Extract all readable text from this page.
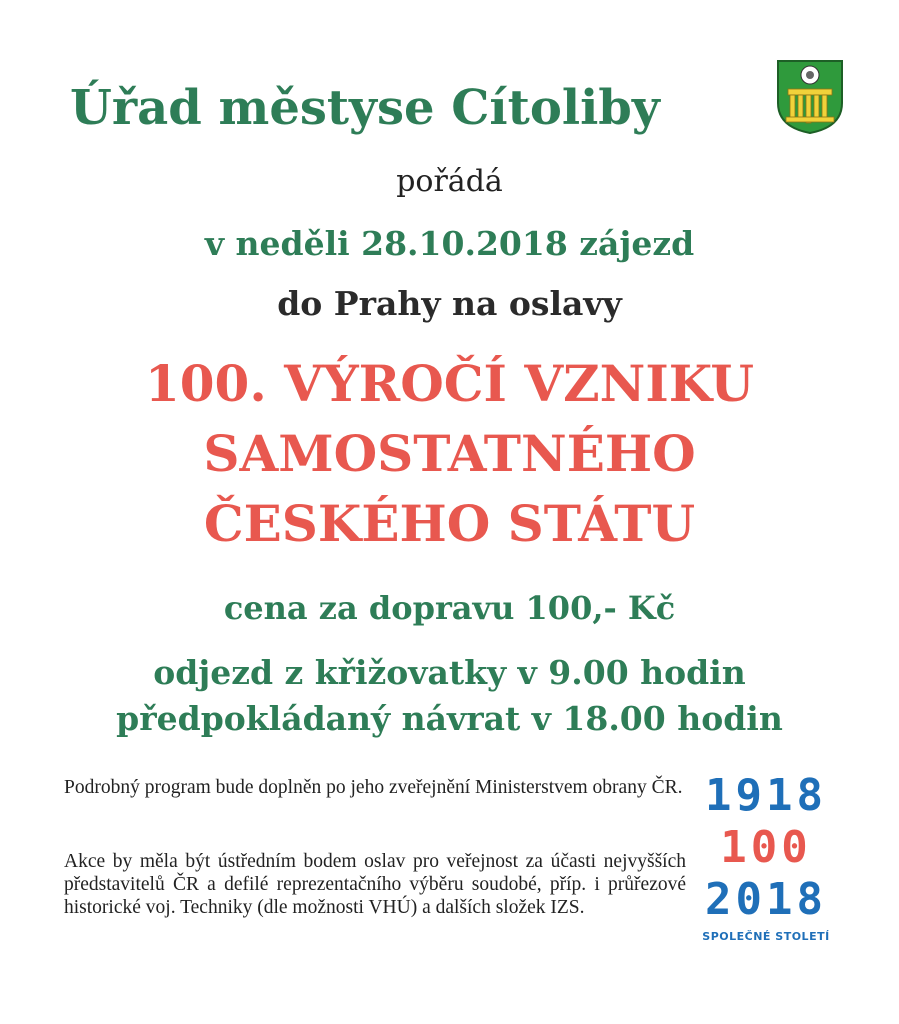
Úřad městyse Cítoliby
pořádá
v neděli 28.10.2018 zájezd
do Prahy na oslavy
100. VÝROČÍ VZNIKU
SAMOSTATNÉHO
ČESKÉHO STÁTU
cena za dopravu 100,- Kč
odjezd z křižovatky v 9.00 hodin
předpokládaný návrat v 18.00 hodin
Podrobný program bude doplněn po jeho zveřejnění Ministerstvem obrany ČR.
Akce by měla být ústředním bodem oslav pro veřejnost za účasti nejvyšších představitelů ČR a defilé reprezentačního výběru soudobé, příp. i průřezové historické voj. Techniky (dle možnosti VHÚ) a dalších složek IZS.
1918
100
2018
SPOLEČNÉ STOLETÍ
